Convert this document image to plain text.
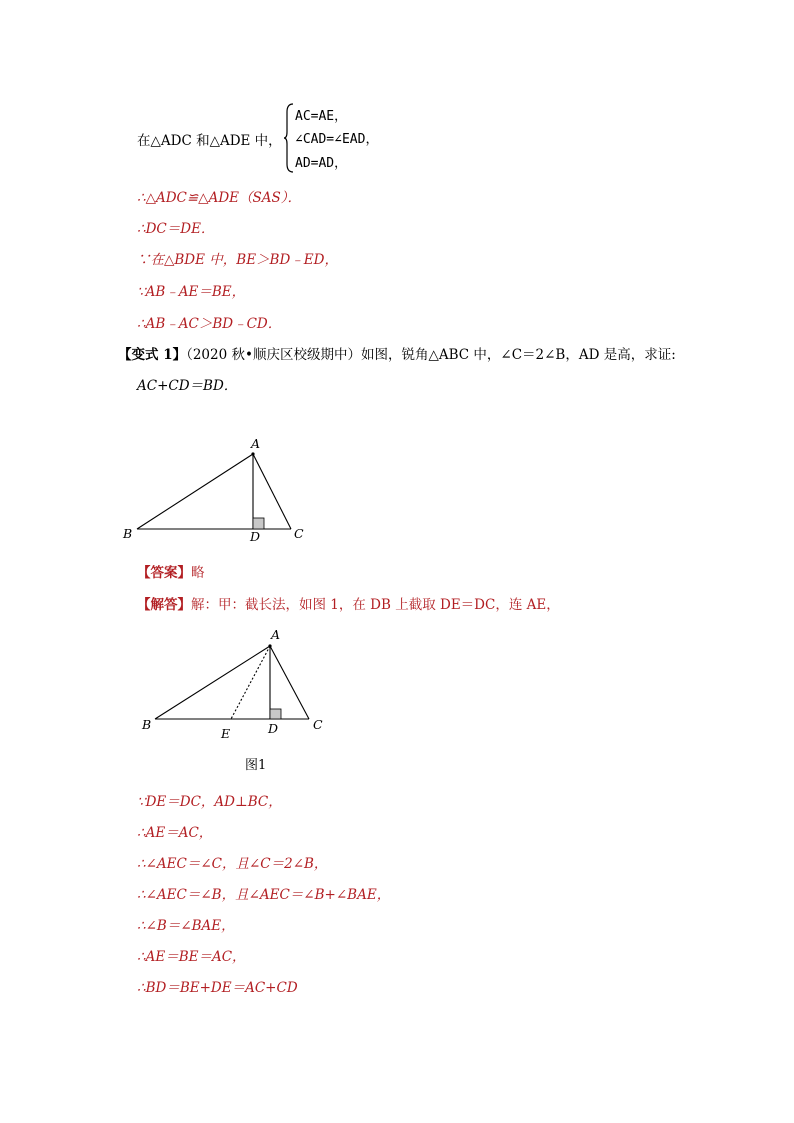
在△ADC 和△ADE 中，
AC=AE，
∠CAD=∠EAD，
AD=AD，
∴△ADC≌△ADE（SAS）．
∴DC＝DE．
∵在△BDE 中，BE＞BD﹣ED，
∵AB﹣AE＝BE，
∴AB﹣AC＞BD﹣CD．
【变式 1】（2020 秋•顺庆区校级期中）如图，锐角△ABC 中，∠C＝2∠B，AD 是高，求证:
AC+CD＝BD．
A
B	C
D
【答案】略
【解答】解：甲：截长法，如图 1，在 DB 上截取 DE＝DC，连 AE，
A
B	C
D
E
图1
∵DE＝DC，AD⊥BC，
∴AE＝AC，
∴∠AEC＝∠C，且∠C＝2∠B，
∴∠AEC＝∠B，且∠AEC＝∠B+∠BAE，
∴∠B＝∠BAE，
∴AE＝BE＝AC，
∴BD＝BE+DE＝AC+CD
